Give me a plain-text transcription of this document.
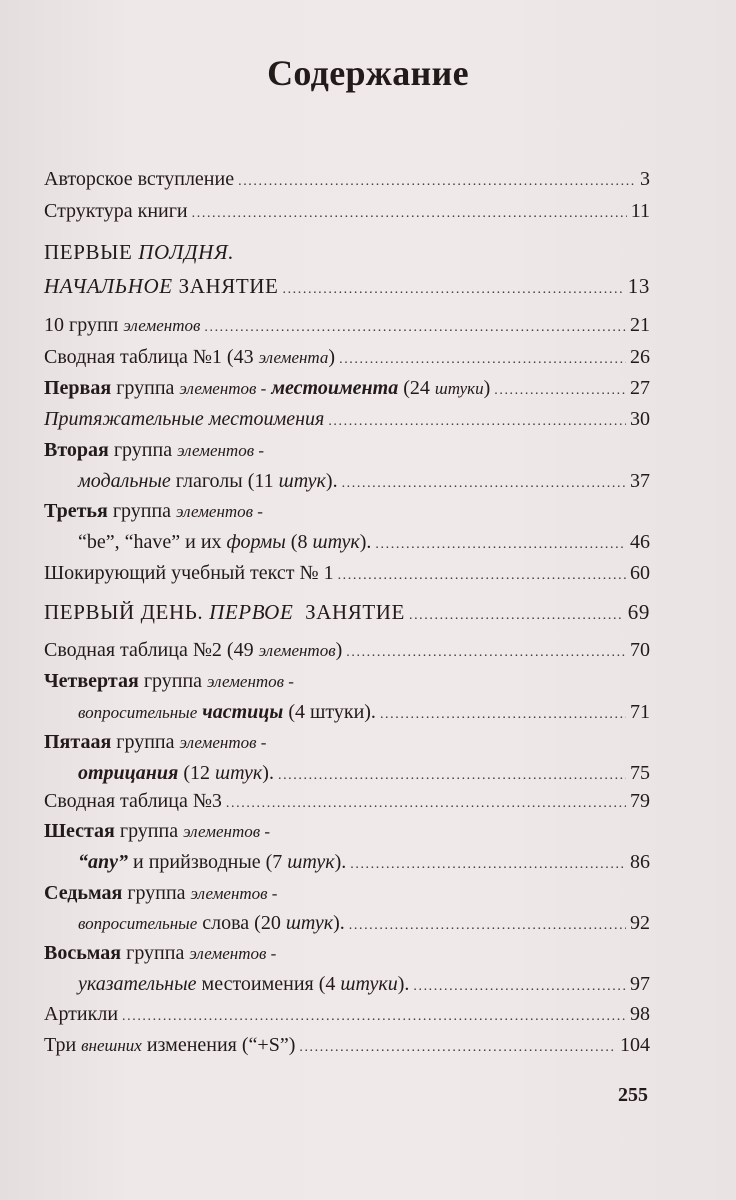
Содержание
Авторское вступление .....	3
Структура книги .....	11
ПЕРВЫЕ ПОЛДНЯ.
НАЧАЛЬНОЕ ЗАНЯТИЕ .....	13
10 групп элементов .....	21
Сводная таблица №1 (43 элемента) .....	26
Первая группа элементов - местоимента (24 штуки) .....	27
Притяжательные местоимения .....	30
Вторая группа элементов -
модальные глаголы (11 штук). .....	37
Третья группа элементов -
“be”, “have” и их формы (8 штук). .....	46
Шокирующий учебный текст № 1 .....	60
ПЕРВЫЙ ДЕНЬ. ПЕРВОЕ ЗАНЯТИЕ .....	69
Сводная таблица №2 (49 элементов) .....	70
Четвертая группа элементов -
вопросительные частицы (4 штуки). .....	71
Пятаая группа элементов -
отрицания (12 штук). .....	75
Сводная таблица №3 .....	79
Шестая группа элементов -
“any” и прийзводные (7 штук). .....	86
Седьмая группа элементов -
вопросительные слова (20 штук). .....	92
Восьмая группа элементов -
указательные местоимения (4 штуки). .....	97
Артикли .....	98
Три внешних изменения (“+S”) .....	104
255
